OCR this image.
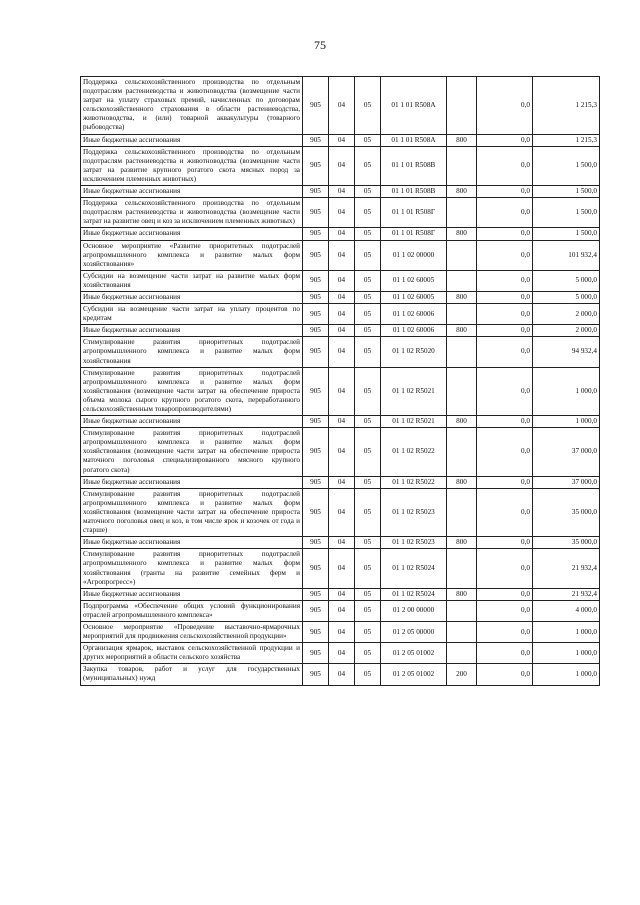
75
Поддержка сельскохозяйственного производства по отдельным подотраслям растениеводства и животноводства (возмещение части затрат на уплату страховых премий, начисленных по договорам сельскохозяйственного страхования в области растениеводства, животноводства, и (или) товарной аквакультуры (товарного рыбоводства)	905	04	05	01 1 01 R508А		0,0	1 215,3
Иные бюджетные ассигнования	905	04	05	01 1 01 R508А	800	0,0	1 215,3
Поддержка сельскохозяйственного производства по отдельным подотраслям растениеводства и животноводства (возмещение части затрат на развитие крупного рогатого скота мясных пород за исключением племенных животных)	905	04	05	01 1 01 R508В		0,0	1 500,0
Иные бюджетные ассигнования	905	04	05	01 1 01 R508В	800	0,0	1 500,0
Поддержка сельскохозяйственного производства по отдельным подотраслям растениеводства и животноводства (возмещение части затрат на развитие овец и коз за исключением племенных животных)	905	04	05	01 1 01 R508Г		0,0	1 500,0
Иные бюджетные ассигнования	905	04	05	01 1 01 R508Г	800	0,0	1 500,0
Основное мероприятие «Развитие приоритетных подотраслей агропромышленного комплекса и развитие малых форм хозяйствования»	905	04	05	01 1 02 00000		0,0	101 932,4
Субсидии на возмещение части затрат на развитие малых форм хозяйствования	905	04	05	01 1 02 60005		0,0	5 000,0
Иные бюджетные ассигнования	905	04	05	01 1 02 60005	800	0,0	5 000,0
Субсидии на возмещение части затрат на уплату процентов по кредитам	905	04	05	01 1 02 60006		0,0	2 000,0
Иные бюджетные ассигнования	905	04	05	01 1 02 60006	800	0,0	2 000,0
Стимулирование развития приоритетных подотраслей агропромышленного комплекса и развитие малых форм хозяйствования	905	04	05	01 1 02 R5020		0,0	94 932,4
Стимулирование развития приоритетных подотраслей агропромышленного комплекса и развитие малых форм хозяйствования (возмещение части затрат на обеспечение прироста объема молока сырого крупного рогатого скота, переработанного сельскохозяйственным товаропроизводителями)	905	04	05	01 1 02 R5021		0,0	1 000,0
Иные бюджетные ассигнования	905	04	05	01 1 02 R5021	800	0,0	1 000,0
Стимулирование развития приоритетных подотраслей агропромышленного комплекса и развитие малых форм хозяйствования (возмещение части затрат на обеспечение прироста маточного поголовья специализированного мясного крупного рогатого скота)	905	04	05	01 1 02 R5022		0,0	37 000,0
Иные бюджетные ассигнования	905	04	05	01 1 02 R5022	800	0,0	37 000,0
Стимулирование развития приоритетных подотраслей агропромышленного комплекса и развитие малых форм хозяйствования (возмещение части затрат на обеспечение прироста маточного поголовья овец и коз, в том числе ярок и козочек от года и старше)	905	04	05	01 1 02 R5023		0,0	35 000,0
Иные бюджетные ассигнования	905	04	05	01 1 02 R5023	800	0,0	35 000,0
Стимулирование развития приоритетных подотраслей агропромышленного комплекса и развитие малых форм хозяйствования (гранты на развитие семейных ферм и «Агропрогресс»)	905	04	05	01 1 02 R5024		0,0	21 932,4
Иные бюджетные ассигнования	905	04	05	01 1 02 R5024	800	0,0	21 932,4
Подпрограмма «Обеспечение общих условий функционирования отраслей агропромышленного комплекса»	905	04	05	01 2 00 00000		0,0	4 000,0
Основное мероприятие «Проведение выставочно-ярмарочных мероприятий для продвижения сельскохозяйственной продукции»	905	04	05	01 2 05 00000		0,0	1 000,0
Организация ярмарок, выставок сельскохозяйственной продукции и других мероприятий в области сельского хозяйства	905	04	05	01 2 05 01002		0,0	1 000,0
Закупка товаров, работ и услуг для государственных (муниципальных) нужд	905	04	05	01 2 05 01002	200	0,0	1 000,0
